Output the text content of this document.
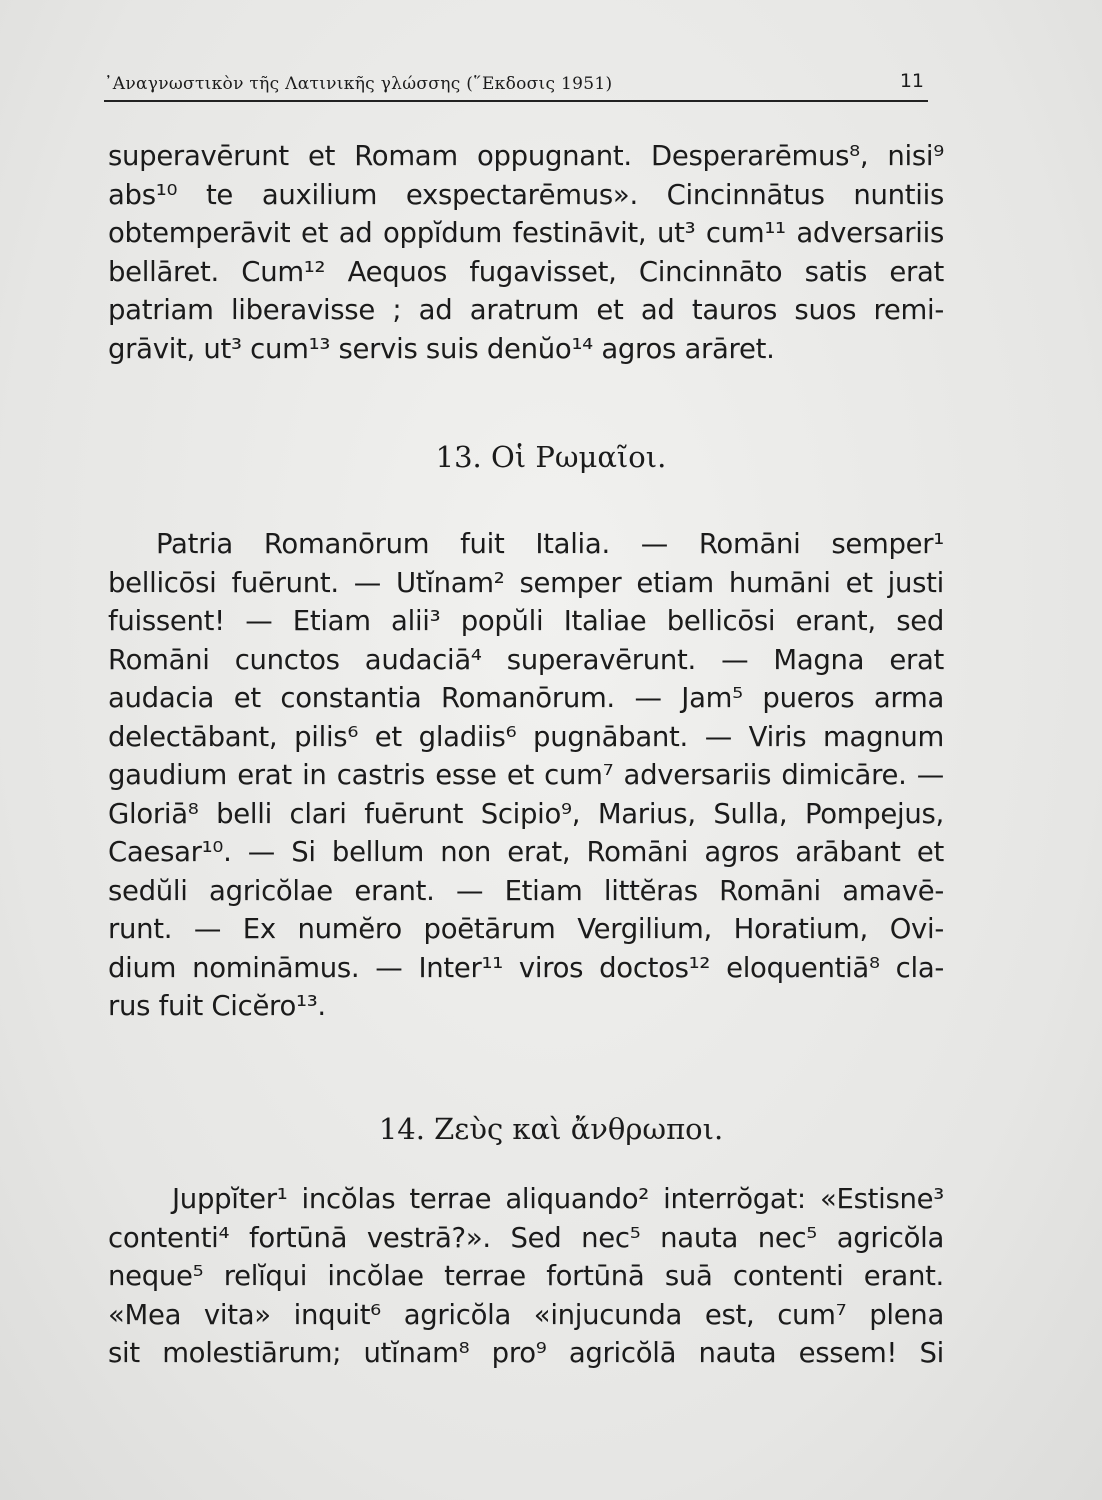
᾿Αναγνωστικὸν τῆς Λατινικῆς γλώσσης (῞Εκδοσις 1951)	11
superavērunt et Romam oppugnant. Desperarēmus⁸, nisi⁹
abs¹⁰ te auxilium exspectarēmus». Cincinnātus nuntiis
obtemperāvit et ad oppĭdum festināvit, ut³ cum¹¹ adversariis
bellāret. Cum¹² Aequos fugavisset, Cincinnāto satis erat
patriam liberavisse ; ad aratrum et ad tauros suos remi-
grāvit, ut³ cum¹³ servis suis denŭo¹⁴ agros arāret.
13. Οἱ Ρωμαῖοι.
Patria Romanōrum fuit Italia. — Romāni semper¹
bellicōsi fuērunt. — Utĭnam² semper etiam humāni et justi
fuissent! — Etiam alii³ popŭli Italiae bellicōsi erant, sed
Romāni cunctos audaciā⁴ superavērunt. — Magna erat
audacia et constantia Romanōrum. — Jam⁵ pueros arma
delectābant, pilis⁶ et gladiis⁶ pugnābant. — Viris magnum
gaudium erat in castris esse et cum⁷ adversariis dimicāre. —
Gloriā⁸ belli clari fuērunt Scipio⁹, Marius, Sulla, Pompejus,
Caesar¹⁰. — Si bellum non erat, Romāni agros arābant et
sedŭli agricŏlae erant. — Etiam littĕras Romāni amavē-
runt. — Ex numĕro poētārum Vergilium, Horatium, Ovi-
dium nomināmus. — Inter¹¹ viros doctos¹² eloquentiā⁸ cla-
rus fuit Cicĕro¹³.
14. Ζεὺς καὶ ἄνθρωποι.
Juppĭter¹ incŏlas terrae aliquando² interrŏgat: «Estisne³
contenti⁴ fortūnā vestrā?». Sed nec⁵ nauta nec⁵ agricŏla
neque⁵ relĭqui incŏlae terrae fortūnā suā contenti erant.
«Mea vita» inquit⁶ agricŏla «injucunda est, cum⁷ plena
sit molestiārum; utĭnam⁸ pro⁹ agricŏlā nauta essem! Si
